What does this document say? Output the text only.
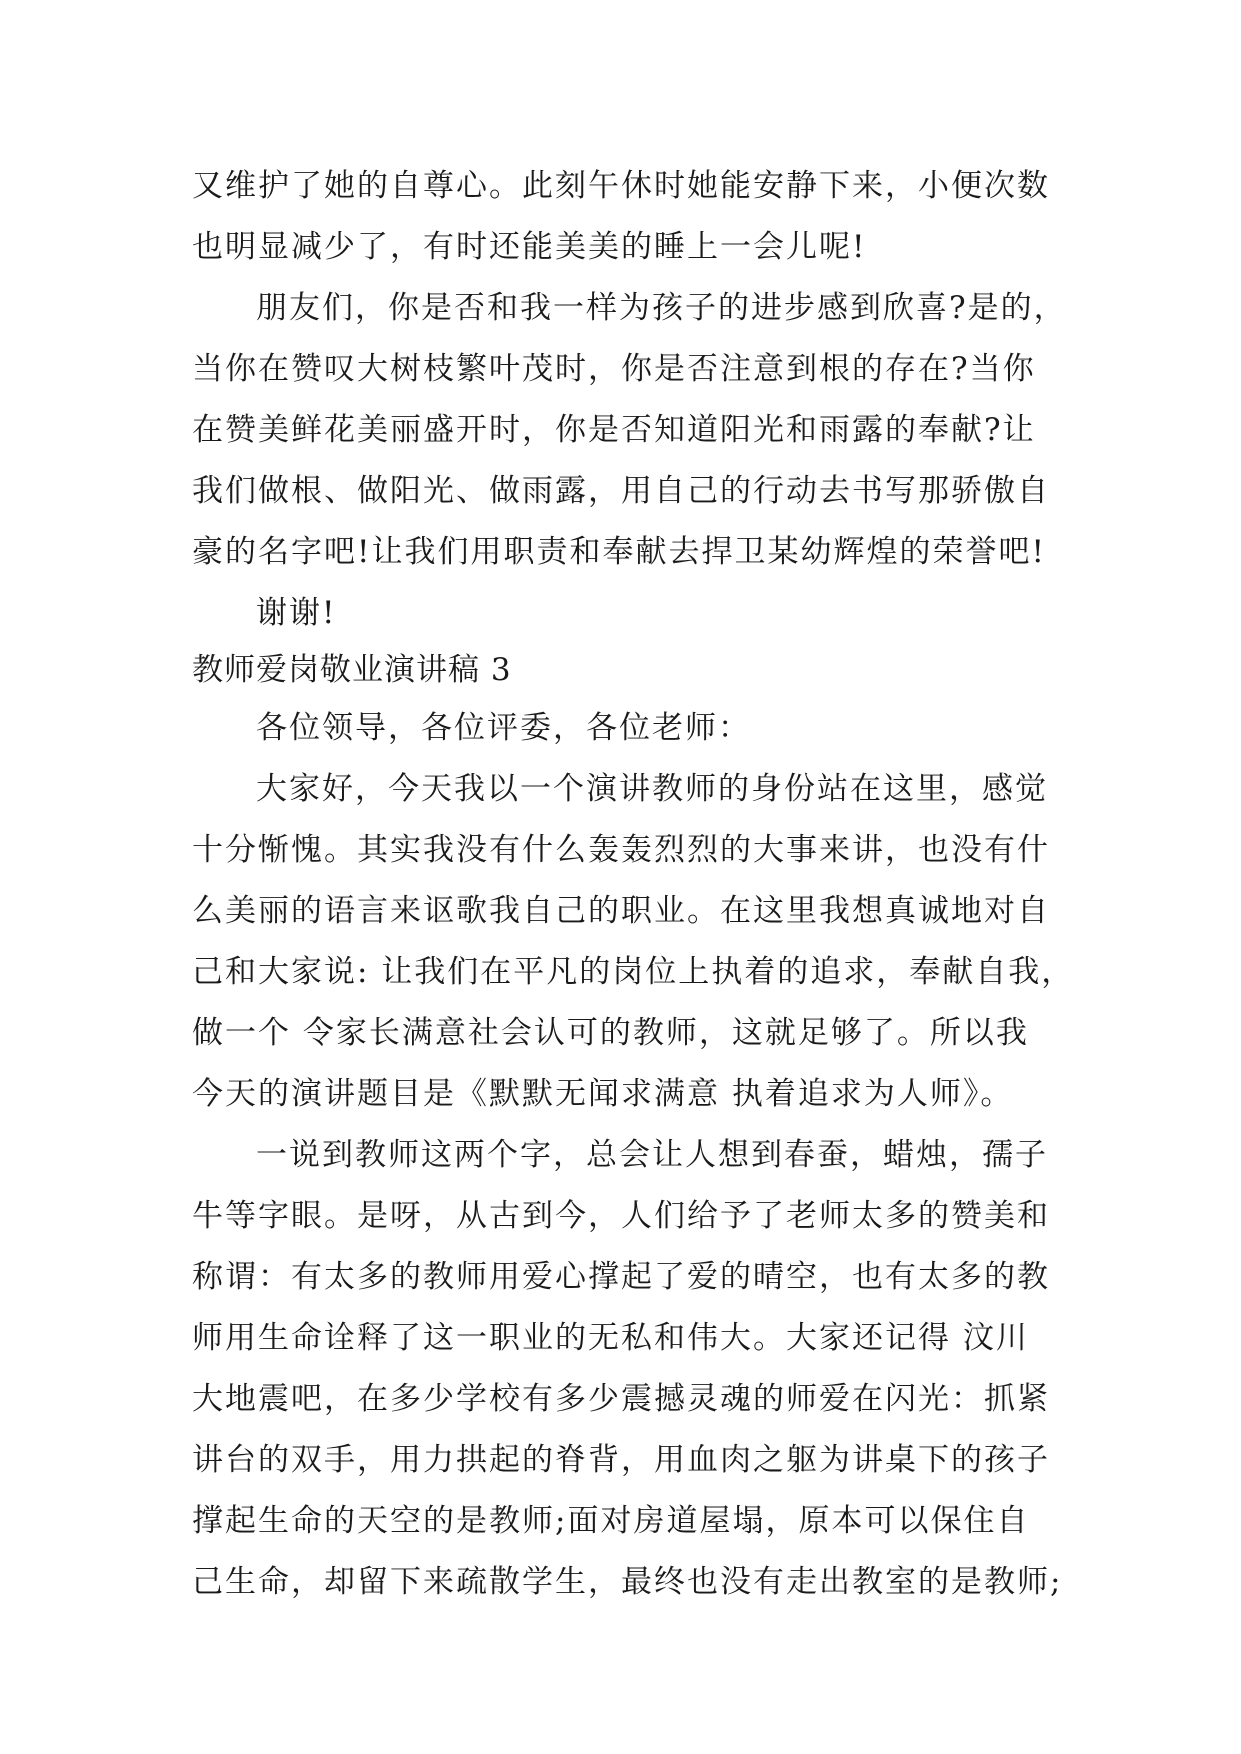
又维护了她的自尊心。此刻午休时她能安静下来，小便次数

也明显减少了，有时还能美美的睡上一会儿呢!

朋友们，你是否和我一样为孩子的进步感到欣喜?是的，

当你在赞叹大树枝繁叶茂时，你是否注意到根的存在?当你

在赞美鲜花美丽盛开时，你是否知道阳光和雨露的奉献?让

我们做根、做阳光、做雨露，用自己的行动去书写那骄傲自

豪的名字吧!让我们用职责和奉献去捍卫某幼辉煌的荣誉吧!

谢谢!

教师爱岗敬业演讲稿 3

各位领导，各位评委，各位老师：

大家好，今天我以一个演讲教师的身份站在这里，感觉

十分惭愧。其实我没有什么轰轰烈烈的大事来讲，也没有什

么美丽的语言来讴歌我自己的职业。在这里我想真诚地对自

己和大家说: 让我们在平凡的岗位上执着的追求，奉献自我，

做一个 令家长满意社会认可的教师，这就足够了。所以我

今天的演讲题目是《默默无闻求满意 执着追求为人师》。

一说到教师这两个字，总会让人想到春蚕，蜡烛，孺子

牛等字眼。是呀，从古到今，人们给予了老师太多的赞美和

称谓：有太多的教师用爱心撑起了爱的晴空，也有太多的教

师用生命诠释了这一职业的无私和伟大。大家还记得 汶川

大地震吧，在多少学校有多少震撼灵魂的师爱在闪光：抓紧

讲台的双手，用力拱起的脊背，用血肉之躯为讲桌下的孩子

撑起生命的天空的是教师;面对房道屋塌，原本可以保住自

己生命，却留下来疏散学生，最终也没有走出教室的是教师;
